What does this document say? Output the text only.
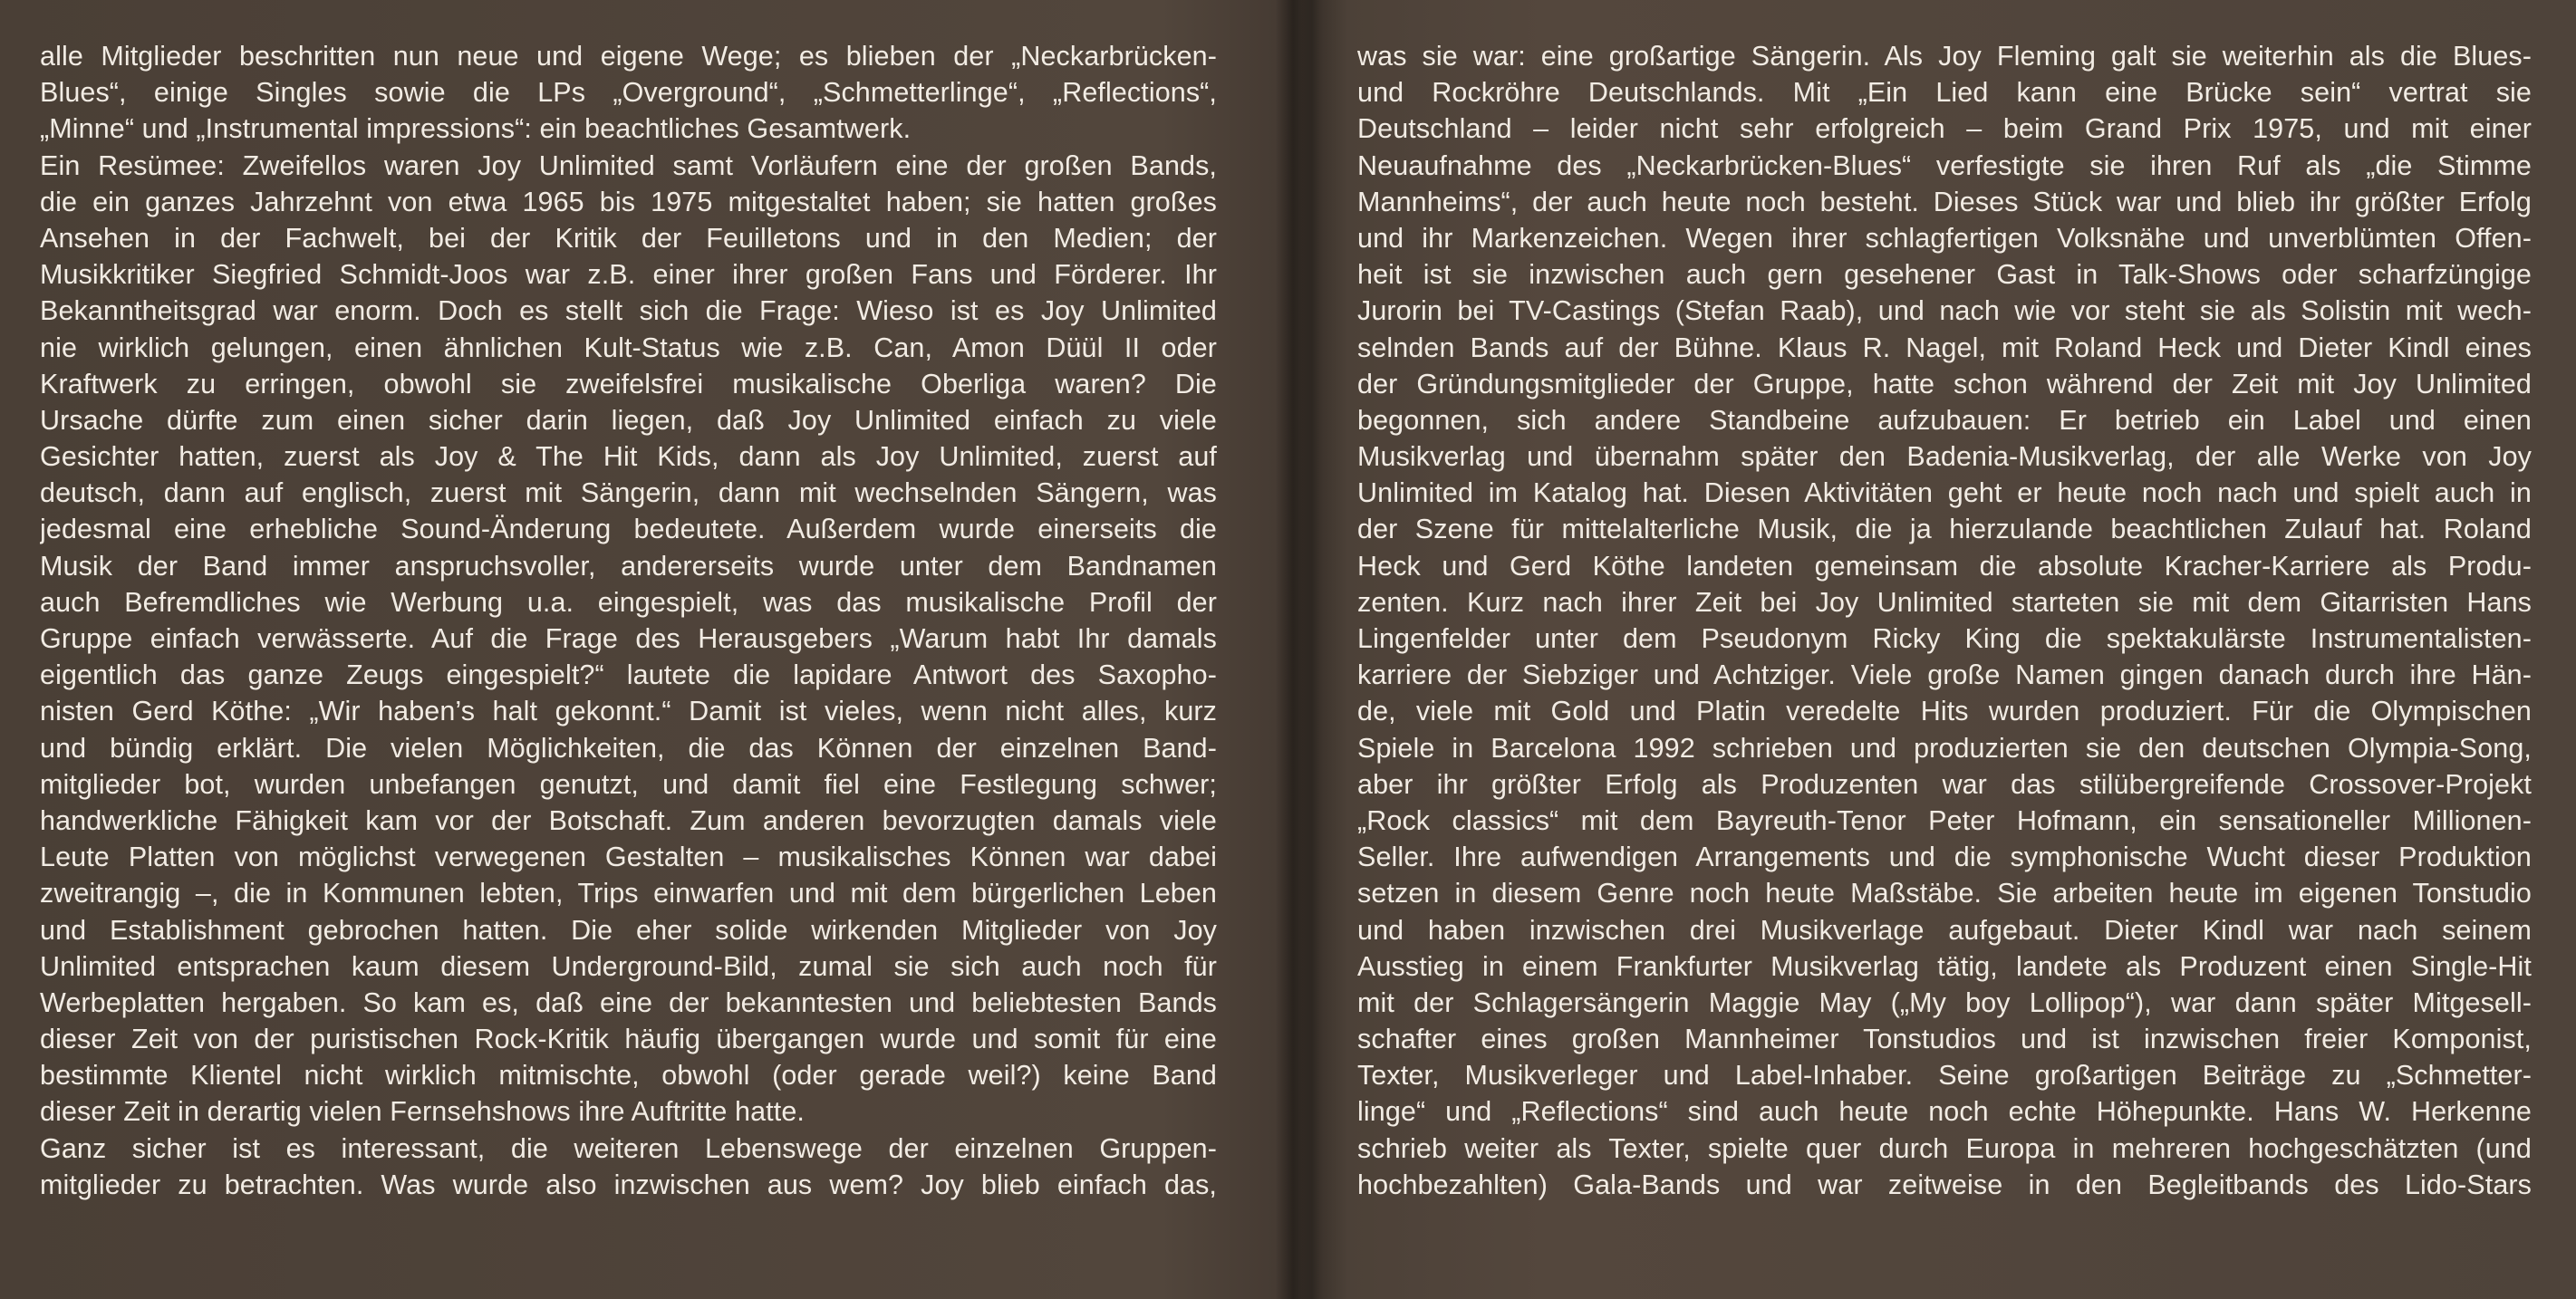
alle Mitglieder beschritten nun neue und eigene Wege; es blieben der „Neckarbrücken-
Blues“, einige Singles sowie die LPs „Overground“, „Schmetterlinge“, „Reflections“,
„Minne“ und „Instrumental impressions“: ein beachtliches Gesamtwerk.
Ein Resümee: Zweifellos waren Joy Unlimited samt Vorläufern eine der großen Bands,
die ein ganzes Jahrzehnt von etwa 1965 bis 1975 mitgestaltet haben; sie hatten großes
Ansehen in der Fachwelt, bei der Kritik der Feuilletons und in den Medien; der
Musikkritiker Siegfried Schmidt-Joos war z.B. einer ihrer großen Fans und Förderer. Ihr
Bekanntheitsgrad war enorm. Doch es stellt sich die Frage: Wieso ist es Joy Unlimited
nie wirklich gelungen, einen ähnlichen Kult-Status wie z.B. Can, Amon Düül II oder
Kraftwerk zu erringen, obwohl sie zweifelsfrei musikalische Oberliga waren? Die
Ursache dürfte zum einen sicher darin liegen, daß Joy Unlimited einfach zu viele
Gesichter hatten, zuerst als Joy & The Hit Kids, dann als Joy Unlimited, zuerst auf
deutsch, dann auf englisch, zuerst mit Sängerin, dann mit wechselnden Sängern, was
jedesmal eine erhebliche Sound-Änderung bedeutete. Außerdem wurde einerseits die
Musik der Band immer anspruchsvoller, andererseits wurde unter dem Bandnamen
auch Befremdliches wie Werbung u.a. eingespielt, was das musikalische Profil der
Gruppe einfach verwässerte. Auf die Frage des Herausgebers „Warum habt Ihr damals
eigentlich das ganze Zeugs eingespielt?“ lautete die lapidare Antwort des Saxopho-
nisten Gerd Köthe: „Wir haben’s halt gekonnt.“ Damit ist vieles, wenn nicht alles, kurz
und bündig erklärt. Die vielen Möglichkeiten, die das Können der einzelnen Band-
mitglieder bot, wurden unbefangen genutzt, und damit fiel eine Festlegung schwer;
handwerkliche Fähigkeit kam vor der Botschaft. Zum anderen bevorzugten damals viele
Leute Platten von möglichst verwegenen Gestalten – musikalisches Können war dabei
zweitrangig –, die in Kommunen lebten, Trips einwarfen und mit dem bürgerlichen Leben
und Establishment gebrochen hatten. Die eher solide wirkenden Mitglieder von Joy
Unlimited entsprachen kaum diesem Underground-Bild, zumal sie sich auch noch für
Werbeplatten hergaben. So kam es, daß eine der bekanntesten und beliebtesten Bands
dieser Zeit von der puristischen Rock-Kritik häufig übergangen wurde und somit für eine
bestimmte Klientel nicht wirklich mitmischte, obwohl (oder gerade weil?) keine Band
dieser Zeit in derartig vielen Fernsehshows ihre Auftritte hatte.
Ganz sicher ist es interessant, die weiteren Lebenswege der einzelnen Gruppen-
mitglieder zu betrachten. Was wurde also inzwischen aus wem? Joy blieb einfach das,
was sie war: eine großartige Sängerin. Als Joy Fleming galt sie weiterhin als die Blues-
und Rockröhre Deutschlands. Mit „Ein Lied kann eine Brücke sein“ vertrat sie
Deutschland – leider nicht sehr erfolgreich – beim Grand Prix 1975, und mit einer
Neuaufnahme des „Neckarbrücken-Blues“ verfestigte sie ihren Ruf als „die Stimme
Mannheims“, der auch heute noch besteht. Dieses Stück war und blieb ihr größter Erfolg
und ihr Markenzeichen. Wegen ihrer schlagfertigen Volksnähe und unverblümten Offen-
heit ist sie inzwischen auch gern gesehener Gast in Talk-Shows oder scharfzüngige
Jurorin bei TV-Castings (Stefan Raab), und nach wie vor steht sie als Solistin mit wech-
selnden Bands auf der Bühne. Klaus R. Nagel, mit Roland Heck und Dieter Kindl eines
der Gründungsmitglieder der Gruppe, hatte schon während der Zeit mit Joy Unlimited
begonnen, sich andere Standbeine aufzubauen: Er betrieb ein Label und einen
Musikverlag und übernahm später den Badenia-Musikverlag, der alle Werke von Joy
Unlimited im Katalog hat. Diesen Aktivitäten geht er heute noch nach und spielt auch in
der Szene für mittelalterliche Musik, die ja hierzulande beachtlichen Zulauf hat. Roland
Heck und Gerd Köthe landeten gemeinsam die absolute Kracher-Karriere als Produ-
zenten. Kurz nach ihrer Zeit bei Joy Unlimited starteten sie mit dem Gitarristen Hans
Lingenfelder unter dem Pseudonym Ricky King die spektakulärste Instrumentalisten-
karriere der Siebziger und Achtziger. Viele große Namen gingen danach durch ihre Hän-
de, viele mit Gold und Platin veredelte Hits wurden produziert. Für die Olympischen
Spiele in Barcelona 1992 schrieben und produzierten sie den deutschen Olympia-Song,
aber ihr größter Erfolg als Produzenten war das stilübergreifende Crossover-Projekt
„Rock classics“ mit dem Bayreuth-Tenor Peter Hofmann, ein sensationeller Millionen-
Seller. Ihre aufwendigen Arrangements und die symphonische Wucht dieser Produktion
setzen in diesem Genre noch heute Maßstäbe. Sie arbeiten heute im eigenen Tonstudio
und haben inzwischen drei Musikverlage aufgebaut. Dieter Kindl war nach seinem
Ausstieg in einem Frankfurter Musikverlag tätig, landete als Produzent einen Single-Hit
mit der Schlagersängerin Maggie May („My boy Lollipop“), war dann später Mitgesell-
schafter eines großen Mannheimer Tonstudios und ist inzwischen freier Komponist,
Texter, Musikverleger und Label-Inhaber. Seine großartigen Beiträge zu „Schmetter-
linge“ und „Reflections“ sind auch heute noch echte Höhepunkte. Hans W. Herkenne
schrieb weiter als Texter, spielte quer durch Europa in mehreren hochgeschätzten (und
hochbezahlten) Gala-Bands und war zeitweise in den Begleitbands des Lido-Stars
